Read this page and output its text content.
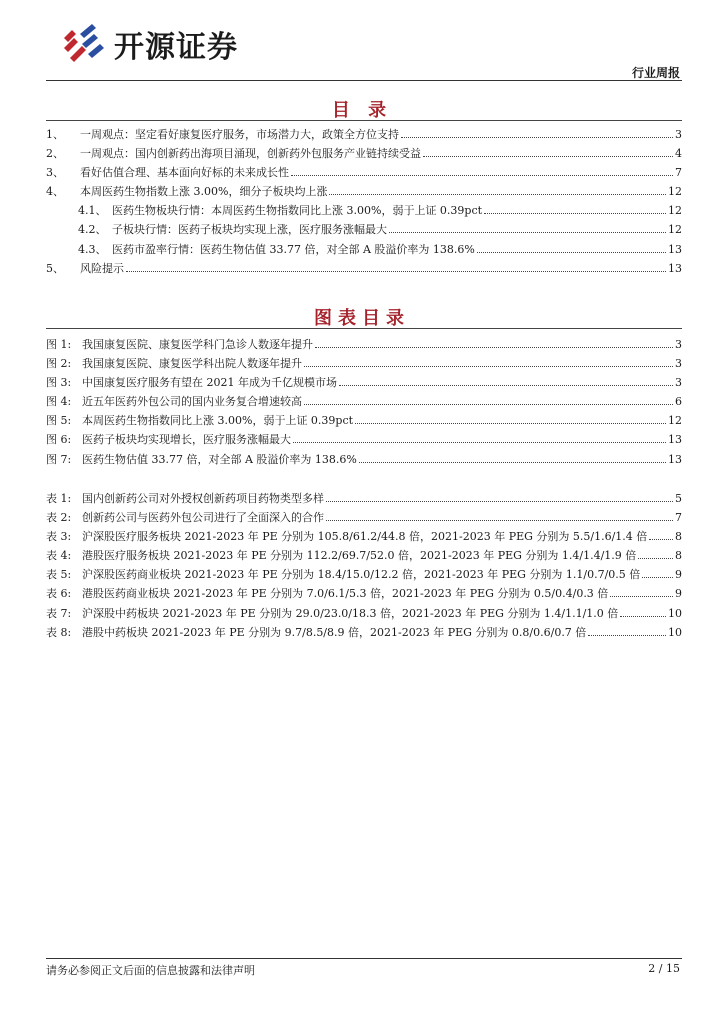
开源证券
行业周报
目 录
1、	一周观点：坚定看好康复医疗服务，市场潜力大，政策全方位支持	3
2、	一周观点：国内创新药出海项目涌现，创新药外包服务产业链持续受益	4
3、	看好估值合理、基本面向好标的未来成长性	7
4、	本周医药生物指数上涨 3.00%，细分子板块均上涨	12
4.1、 医药生物板块行情：本周医药生物指数同比上涨 3.00%，弱于上证 0.39pct	12
4.2、 子板块行情：医药子板块均实现上涨，医疗服务涨幅最大	12
4.3、 医药市盈率行情：医药生物估值 33.77 倍，对全部 A 股溢价率为 138.6%	13
5、	风险提示	13
图表目录
图 1: 我国康复医院、康复医学科门急诊人数逐年提升	3
图 2: 我国康复医院、康复医学科出院人数逐年提升	3
图 3: 中国康复医疗服务有望在 2021 年成为千亿规模市场	3
图 4: 近五年医药外包公司的国内业务复合增速较高	6
图 5: 本周医药生物指数同比上涨 3.00%，弱于上证 0.39pct	12
图 6: 医药子板块均实现增长，医疗服务涨幅最大	13
图 7: 医药生物估值 33.77 倍，对全部 A 股溢价率为 138.6%	13
表 1: 国内创新药公司对外授权创新药项目药物类型多样	5
表 2: 创新药公司与医药外包公司进行了全面深入的合作	7
表 3: 沪深股医疗服务板块 2021-2023 年 PE 分别为 105.8/61.2/44.8 倍，2021-2023 年 PEG 分别为 5.5/1.6/1.4 倍	8
表 4: 港股医疗服务板块 2021-2023 年 PE 分别为 112.2/69.7/52.0 倍，2021-2023 年 PEG 分别为 1.4/1.4/1.9 倍	8
表 5: 沪深股医药商业板块 2021-2023 年 PE 分别为 18.4/15.0/12.2 倍，2021-2023 年 PEG 分别为 1.1/0.7/0.5 倍	9
表 6: 港股医药商业板块 2021-2023 年 PE 分别为 7.0/6.1/5.3 倍，2021-2023 年 PEG 分别为 0.5/0.4/0.3 倍	9
表 7: 沪深股中药板块 2021-2023 年 PE 分别为 29.0/23.0/18.3 倍，2021-2023 年 PEG 分别为 1.4/1.1/1.0 倍	10
表 8: 港股中药板块 2021-2023 年 PE 分别为 9.7/8.5/8.9 倍，2021-2023 年 PEG 分别为 0.8/0.6/0.7 倍	10
请务必参阅正文后面的信息披露和法律声明	2 / 15
